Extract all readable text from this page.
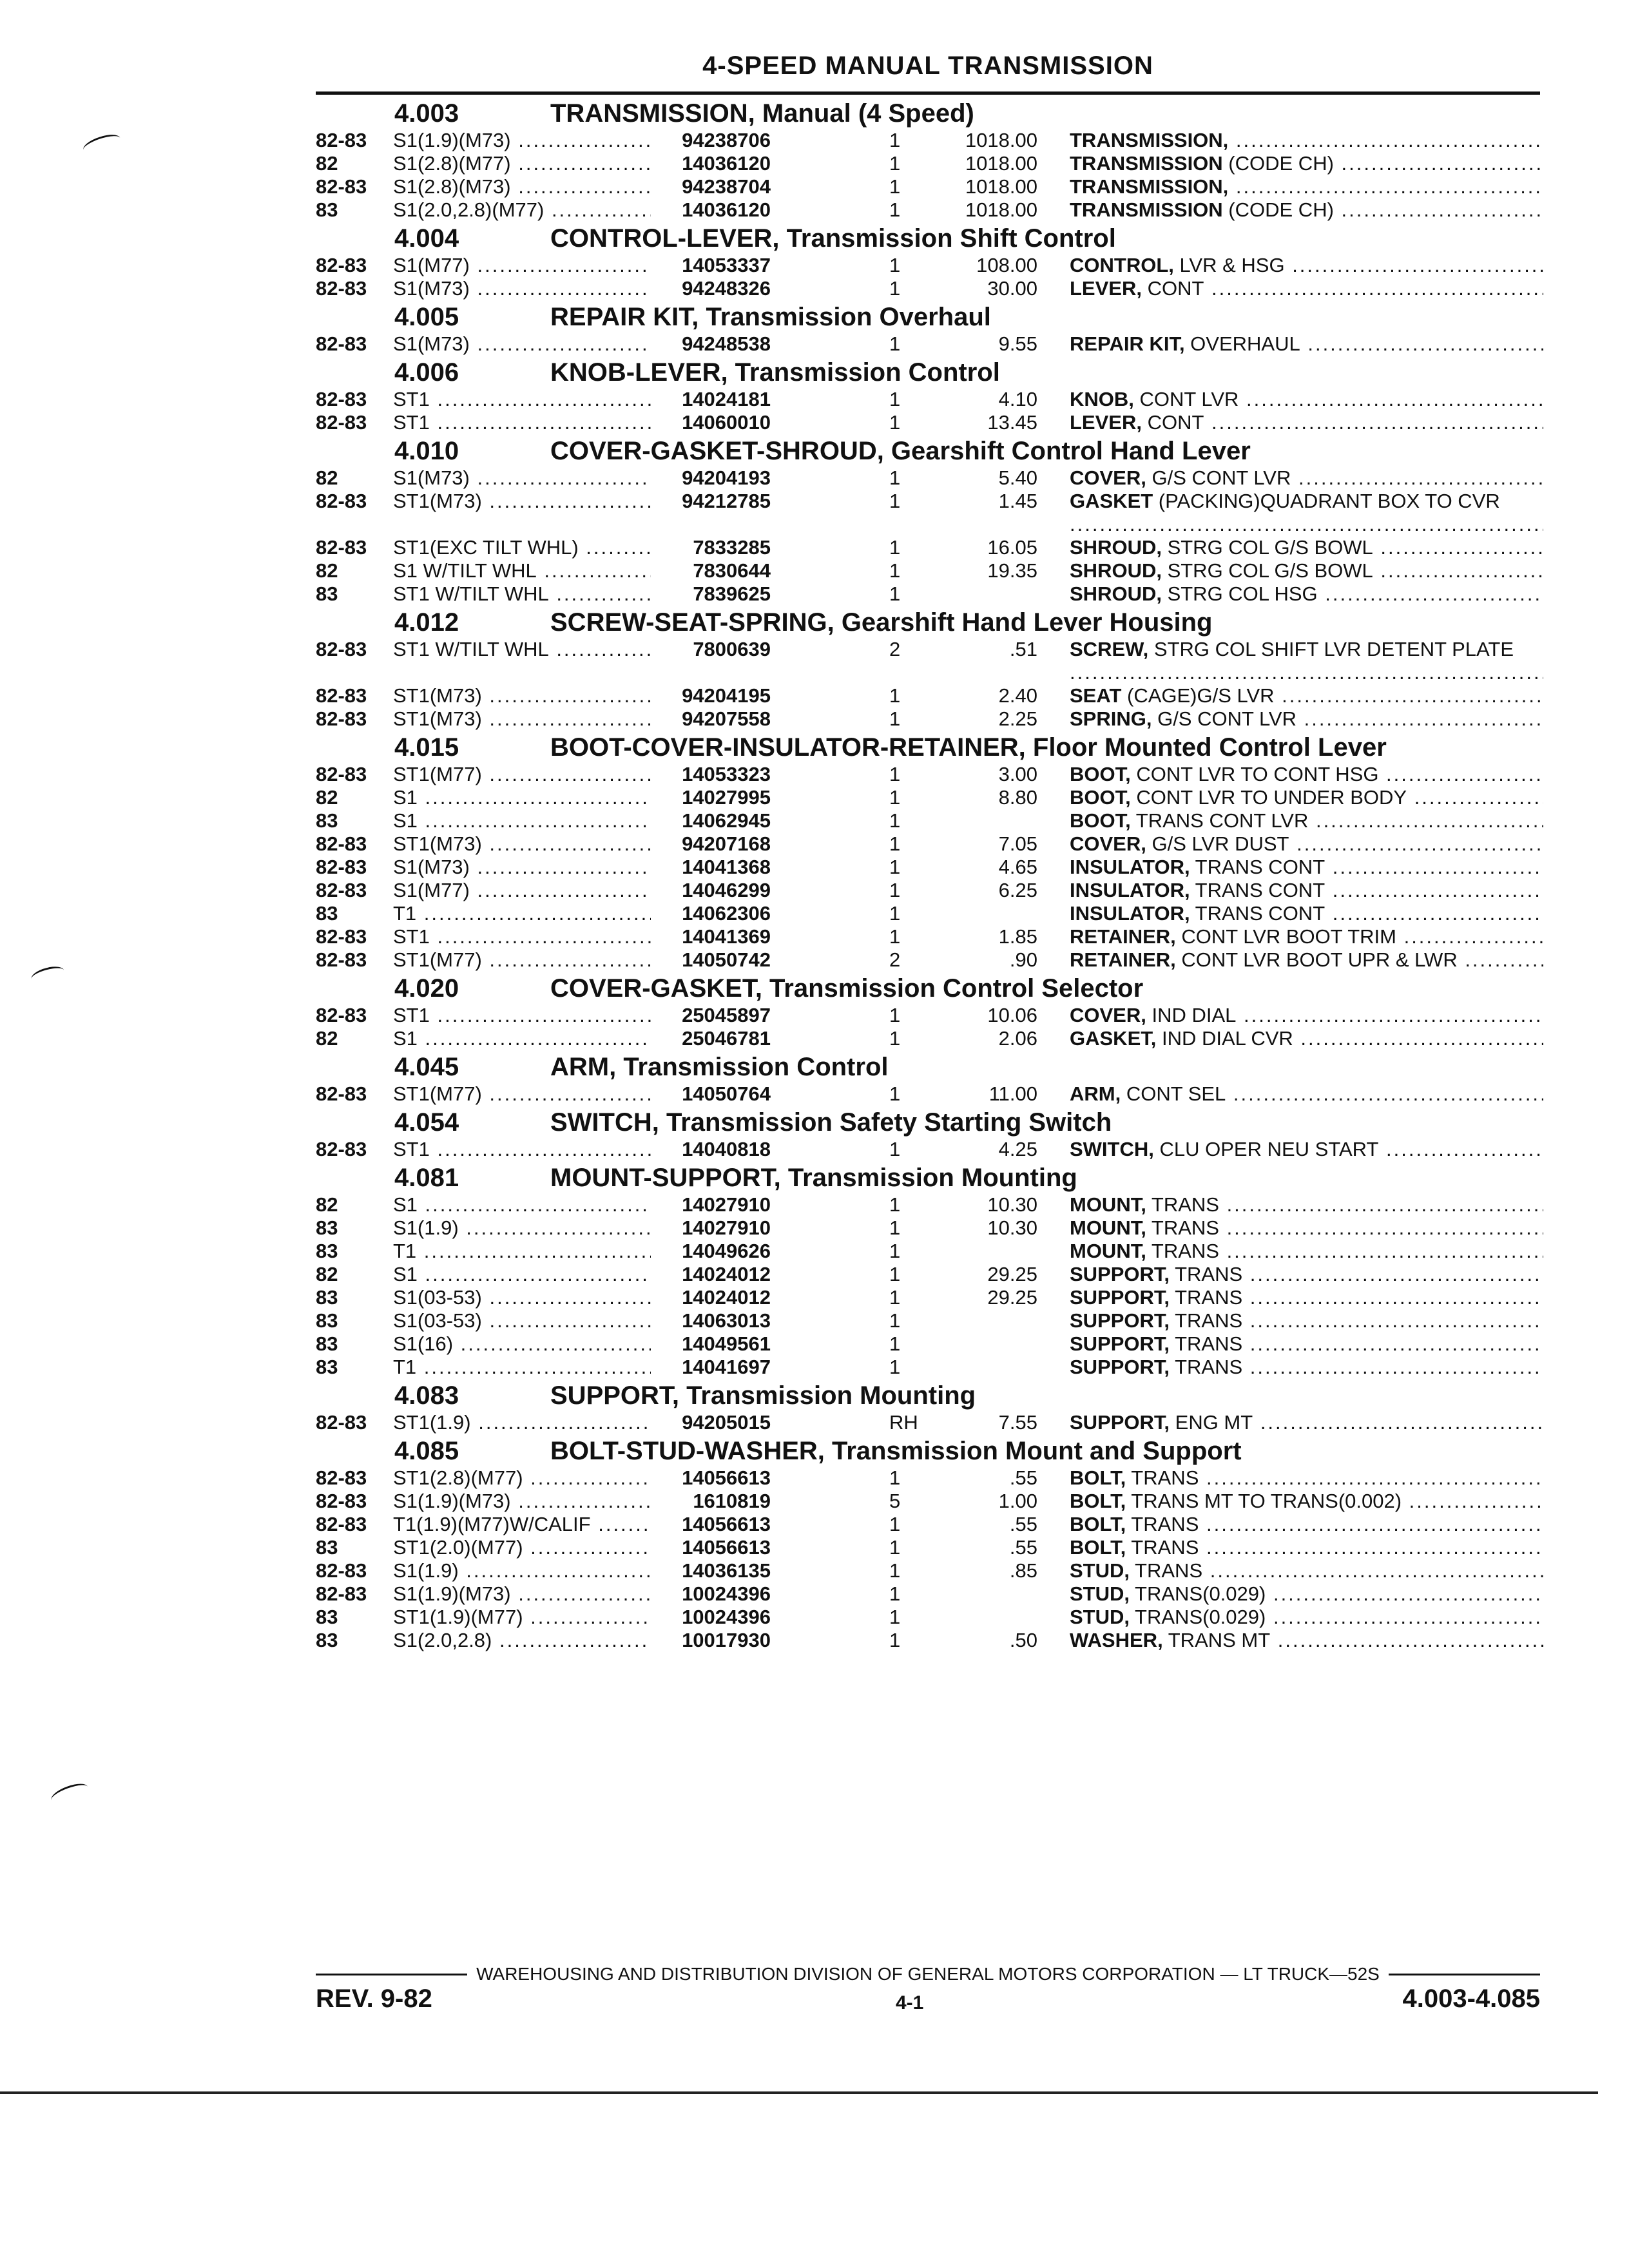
4-SPEED MANUAL TRANSMISSION
4.003	TRANSMISSION, Manual (4 Speed)
82-83	S1(1.9)(M73) .....	94238706	1	1018.00 TRANSMISSION, .....
82	S1(2.8)(M77) .....	14036120	1	1018.00 TRANSMISSION (CODE CH) .....
82-83	S1(2.8)(M73) .....	94238704	1	1018.00 TRANSMISSION, .....
83	S1(2.0,2.8)(M77) .....	14036120	1	1018.00 TRANSMISSION (CODE CH) .....
4.004	CONTROL-LEVER, Transmission Shift Control
82-83	S1(M77) .....	14053337	1	108.00 CONTROL, LVR & HSG .....
82-83	S1(M73) .....	94248326	1	30.00 LEVER, CONT .....
4.005	REPAIR KIT, Transmission Overhaul
82-83	S1(M73) .....	94248538	1	9.55 REPAIR KIT, OVERHAUL .....
4.006	KNOB-LEVER, Transmission Control
82-83	ST1 .....	14024181	1	4.10 KNOB, CONT LVR .....
82-83	ST1 .....	14060010	1	13.45 LEVER, CONT .....
4.010	COVER-GASKET-SHROUD, Gearshift Control Hand Lever
82	S1(M73) .....	94204193	1	5.40 COVER, G/S CONT LVR .....
82-83	ST1(M73) .....	94212785	1	1.45 GASKET (PACKING)QUADRANT BOX TO CVR .....
82-83	ST1(EXC TILT WHL) .....	7833285	1	16.05 SHROUD, STRG COL G/S BOWL .....
82	S1 W/TILT WHL .....	7830644	1	19.35 SHROUD, STRG COL G/S BOWL .....
83	ST1 W/TILT WHL .....	7839625	1	SHROUD, STRG COL HSG .....
4.012	SCREW-SEAT-SPRING, Gearshift Hand Lever Housing
82-83	ST1 W/TILT WHL .....	7800639	2	.51 SCREW, STRG COL SHIFT LVR DETENT PLATE .....
82-83	ST1(M73) .....	94204195	1	2.40 SEAT (CAGE)G/S LVR .....
82-83	ST1(M73) .....	94207558	1	2.25 SPRING, G/S CONT LVR .....
4.015	BOOT-COVER-INSULATOR-RETAINER, Floor Mounted Control Lever
82-83	ST1(M77) .....	14053323	1	3.00 BOOT, CONT LVR TO CONT HSG .....
82	S1 .....	14027995	1	8.80 BOOT, CONT LVR TO UNDER BODY .....
83	S1 .....	14062945	1	BOOT, TRANS CONT LVR .....
82-83	ST1(M73) .....	94207168	1	7.05 COVER, G/S LVR DUST .....
82-83	S1(M73) .....	14041368	1	4.65 INSULATOR, TRANS CONT .....
82-83	S1(M77) .....	14046299	1	6.25 INSULATOR, TRANS CONT .....
83	T1 .....	14062306	1	INSULATOR, TRANS CONT .....
82-83	ST1 .....	14041369	1	1.85 RETAINER, CONT LVR BOOT TRIM .....
82-83	ST1(M77) .....	14050742	2	.90 RETAINER, CONT LVR BOOT UPR & LWR .....
4.020	COVER-GASKET, Transmission Control Selector
82-83	ST1 .....	25045897	1	10.06 COVER, IND DIAL .....
82	S1 .....	25046781	1	2.06 GASKET, IND DIAL CVR .....
4.045	ARM, Transmission Control
82-83	ST1(M77) .....	14050764	1	11.00 ARM, CONT SEL .....
4.054	SWITCH, Transmission Safety Starting Switch
82-83	ST1 .....	14040818	1	4.25 SWITCH, CLU OPER NEU START .....
4.081	MOUNT-SUPPORT, Transmission Mounting
82	S1 .....	14027910	1	10.30 MOUNT, TRANS .....
83	S1(1.9) .....	14027910	1	10.30 MOUNT, TRANS .....
83	T1 .....	14049626	1	MOUNT, TRANS .....
82	S1 .....	14024012	1	29.25 SUPPORT, TRANS .....
83	S1(03-53) .....	14024012	1	29.25 SUPPORT, TRANS .....
83	S1(03-53) .....	14063013	1	SUPPORT, TRANS .....
83	S1(16) .....	14049561	1	SUPPORT, TRANS .....
83	T1 .....	14041697	1	SUPPORT, TRANS .....
4.083	SUPPORT, Transmission Mounting
82-83	ST1(1.9) .....	94205015	RH	7.55 SUPPORT, ENG MT .....
4.085	BOLT-STUD-WASHER, Transmission Mount and Support
82-83	ST1(2.8)(M77) .....	14056613	1	.55 BOLT, TRANS .....
82-83	S1(1.9)(M73) .....	1610819	5	1.00 BOLT, TRANS MT TO TRANS(0.002) .....
82-83	T1(1.9)(M77)W/CALIF .....	14056613	1	.55 BOLT, TRANS .....
83	ST1(2.0)(M77) .....	14056613	1	.55 BOLT, TRANS .....
82-83	S1(1.9) .....	14036135	1	.85 STUD, TRANS .....
82-83	S1(1.9)(M73) .....	10024396	1	STUD, TRANS(0.029) .....
83	ST1(1.9)(M77) .....	10024396	1	STUD, TRANS(0.029) .....
83	S1(2.0,2.8) .....	10017930	1	.50 WASHER, TRANS MT .....
WAREHOUSING AND DISTRIBUTION DIVISION OF GENERAL MOTORS CORPORATION — LT TRUCK—52S
REV. 9-82	4-1	4.003-4.085
